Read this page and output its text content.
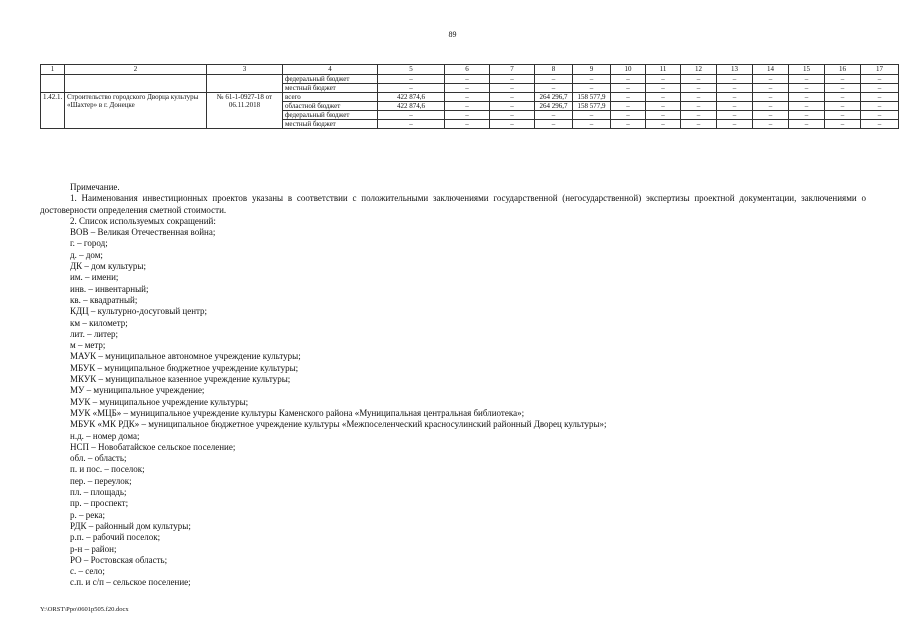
89
1	2	3	4	5	6	7	8	9	10	11	12	13	14	15	16	17
			федеральный бюджет	–	–	–	–	–	–	–	–	–	–	–	–	–
			местный бюджет	–	–	–	–	–	–	–	–	–	–	–	–	–
1.42.1.	Строительство городского Дворца культуры «Шахтер» в г. Донецке	№ 61-1-0927-18 от 06.11.2018	всего	422 874,6	–	–	264 296,7	158 577,9	–	–	–	–	–	–	–	–
			областной бюджет	422 874,6	–	–	264 296,7	158 577,9	–	–	–	–	–	–	–	–
			федеральный бюджет	–	–	–	–	–	–	–	–	–	–	–	–	–
			местный бюджет	–	–	–	–	–	–	–	–	–	–	–	–	–

Примечание.

1. Наименования инвестиционных проектов указаны в соответствии с положительными заключениями государственной (негосударственной) экспертизы проектной документации, заключениями о достоверности определения сметной стоимости.

2. Список используемых сокращений:

ВОВ – Великая Отечественная война;

г. – город;

д. – дом;

ДК – дом культуры;

им. – имени;

инв. – инвентарный;

кв. – квадратный;

КДЦ – культурно-досуговый центр;

км – километр;

лит. – литер;

м – метр;

МАУК – муниципальное автономное учреждение культуры;

МБУК – муниципальное бюджетное учреждение культуры;

МКУК – муниципальное казенное учреждение культуры;

МУ – муниципальное учреждение;

МУК – муниципальное учреждение культуры;

МУК «МЦБ» – муниципальное учреждение культуры Каменского района «Муниципальная центральная библиотека»;

МБУК «МК РДК» – муниципальное бюджетное учреждение культуры «Межпоселенческий красносулинский районный Дворец культуры»;

н.д. – номер дома;

НСП – Новобатайское сельское поселение;

обл. – область;

п. и пос. – поселок;

пер. – переулок;

пл. – площадь;

пр. – проспект;

р. – река;

РДК – районный дом культуры;

р.п. – рабочий поселок;

р-н – район;

РО – Ростовская область;

с. – село;

с.п. и с/п – сельское поселение;

Y:\ORST\Ppo\0601p505.f20.docx
